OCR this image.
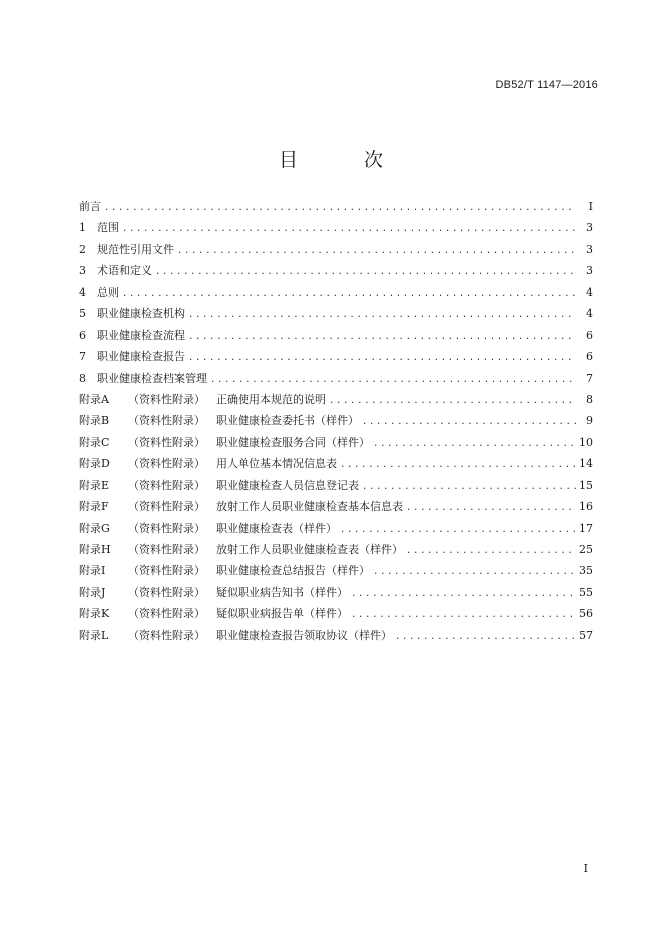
DB52/T 1147—2016
目 次
前言 .....	I
1	范围 .....	3
2	规范性引用文件 .....	3
3	术语和定义 .....	3
4	总则 .....	4
5	职业健康检查机构 .....	4
6	职业健康检查流程 .....	6
7	职业健康检查报告 .....	6
8	职业健康检查档案管理 .....	7
附录A	（资料性附录）	正确使用本规范的说明 .....	8
附录B	（资料性附录）	职业健康检查委托书（样件） .....	9
附录C	（资料性附录）	职业健康检查服务合同（样件） .....	10
附录D	（资料性附录）	用人单位基本情况信息表 .....	14
附录E	（资料性附录）	职业健康检查人员信息登记表 .....	15
附录F	（资料性附录）	放射工作人员职业健康检查基本信息表 .....	16
附录G	（资料性附录）	职业健康检查表（样件） .....	17
附录H	（资料性附录）	放射工作人员职业健康检查表（样件） .....	25
附录I	（资料性附录）	职业健康检查总结报告（样件） .....	35
附录J	（资料性附录）	疑似职业病告知书（样件） .....	55
附录K	（资料性附录）	疑似职业病报告单（样件） .....	56
附录L	（资料性附录）	职业健康检查报告领取协议（样件） .....	57
I
